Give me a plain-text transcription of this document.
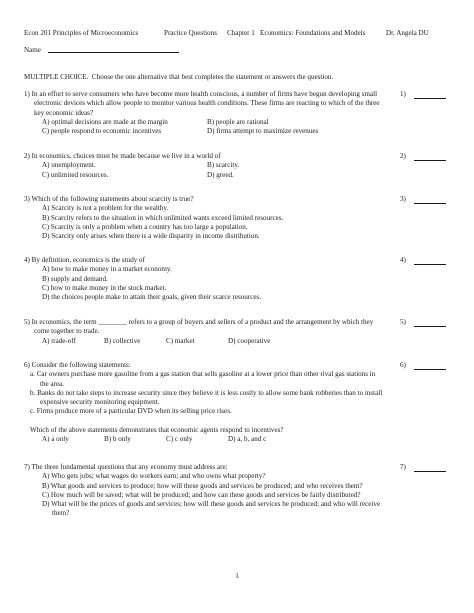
Econ 201 Principles of Microeconomics	Practice Questions Chapter 1 Economics: Foundations and Models	Dr. Angela DU
Name
MULTIPLE CHOICE. Choose the one alternative that best completes the statement or answers the question.
1) In an effort to serve consumers who have become more health conscious, a number of firms have begun developing small electronic devices which allow people to monitor various health conditions. These firms are reacting to which of the three key economic ideas?
A) optimal decisions are made at the margin	B) people are rational
C) people respond to economic incentives	D) firms attempt to maximize revenues
1)
2) In economics, choices must be made because we live in a world of
A) unemployment.	B) scarcity.
C) unlimited resources.	D) greed.
2)
3) Which of the following statements about scarcity is true?
A) Scarcity is not a problem for the wealthy.
B) Scarcity refers to the situation in which unlimited wants exceed limited resources.
C) Scarcity is only a problem when a country has too large a population.
D) Scarcity only arises when there is a wide disparity in income distribution.
3)
4) By definition, economics is the study of
A) how to make money in a market economy.
B) supply and demand.
C) how to make money in the stock market.
D) the choices people make to attain their goals, given their scarce resources.
4)
5) In economics, the term ________ refers to a group of buyers and sellers of a product and the arrangement by which they come together to trade.
A) trade-off	B) collective	C) market	D) cooperative
5)
6) Consider the following statements:
a. Car owners purchase more gasoline from a gas station that sells gasoline at a lower price than other rival gas stations in the area.
b. Banks do not take steps to increase security since they believe it is less costly to allow some bank robberies than to install expensive security monitoring equipment.
c. Firms produce more of a particular DVD when its selling price rises.
Which of the above statements demonstrates that economic agents respond to incentives?
A) a only	B) b only	C) c only	D) a, b, and c
6)
7) The three fundamental questions that any economy must address are:
A) Who gets jobs; what wages do workers earn; and who owns what property?
B) What goods and services to produce; how will these goods and services be produced; and who receives them?
C) How much will be saved; what will be produced; and how can these goods and services be fairly distributed?
D) What will be the prices of goods and services; how will these goods and services be produced; and who will receive them?
7)
1
